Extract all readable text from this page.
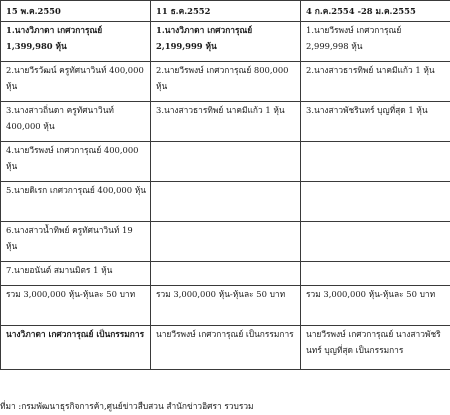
15 พ.ค.2550	11 ธ.ค.2552	4 ก.ค.2554 -28 ม.ค.2555
1.นางวิภาดา เกศวการุณย์ 1,399,980 หุ้น	1.นางวิภาดา เกศวการุณย์ 2,199,999 หุ้น	1.นายวีรพงษ์ เกศวการุณย์ 2,999,998 หุ้น
2.นายวีรวัฒน์ ครูทัศนาวินท์ 400,000 หุ้น	2.นายวีรพงษ์ เกศวการุณย์ 800,000 หุ้น	2.นางสาวธารทิพย์ นาคมีแก้ว 1 หุ้น
3.นางสาวถิ่นดา ครูทัศนาวินท์ 400,000 หุ้น	3.นางสาวธารทิพย์ นาคมีแก้ว 1 หุ้น	3.นางสาวพัชรินทร์ บุญที่สุด 1 หุ้น
4.นายวีรพงษ์ เกศวการุณย์ 400,000 หุ้น		
5.นายดิเรก เกศวการุณย์ 400,000 หุ้น		
6.นางสาวน้ำทิพย์ ครูทัศนาวินท์ 19 หุ้น		
7.นายอนันต์ สมานมิตร 1 หุ้น		
รวม 3,000,000 หุ้น-หุ้นละ 50 บาท	รวม 3,000,000 หุ้น-หุ้นละ 50 บาท	รวม 3,000,000 หุ้น-หุ้นละ 50 บาท
นางวิภาดา เกศวการุณย์ เป็นกรรมการ	นายวีรพงษ์ เกศวการุณย์ เป็นกรรมการ	นายวีรพงษ์ เกศวการุณย์ นางสาวพัชรินทร์ บุญที่สุด เป็นกรรมการ
ที่มา :กรมพัฒนาธุรกิจการค้า,ศูนย์ข่าวสืบสวน สำนักข่าวอิศรา รวบรวม
